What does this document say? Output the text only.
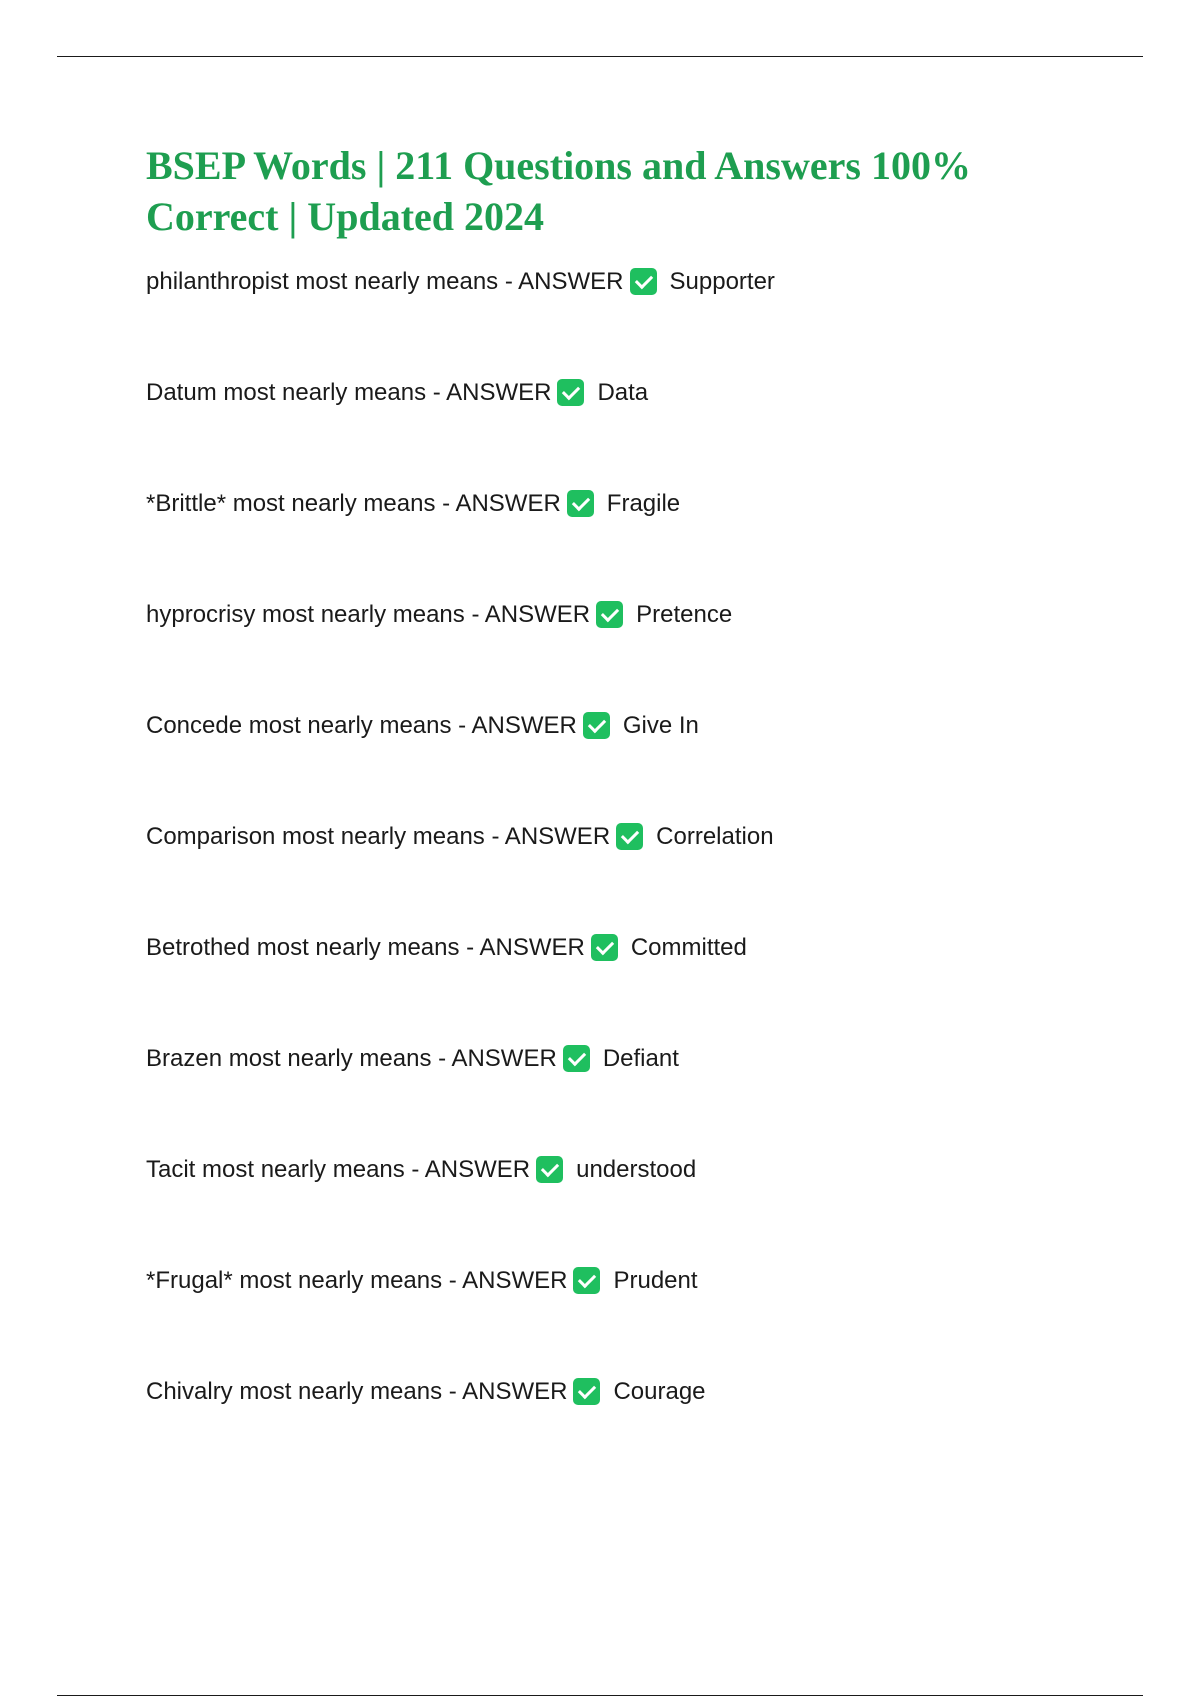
BSEP Words | 211 Questions and Answers 100% Correct | Updated 2024
philanthropist most nearly means - ANSWER Supporter
Datum most nearly means - ANSWER Data
*Brittle* most nearly means - ANSWER Fragile
hyprocrisy most nearly means - ANSWER Pretence
Concede most nearly means - ANSWER Give In
Comparison most nearly means - ANSWER Correlation
Betrothed most nearly means - ANSWER Committed
Brazen most nearly means - ANSWER Defiant
Tacit most nearly means - ANSWER understood
*Frugal* most nearly means - ANSWER Prudent
Chivalry most nearly means - ANSWER Courage
